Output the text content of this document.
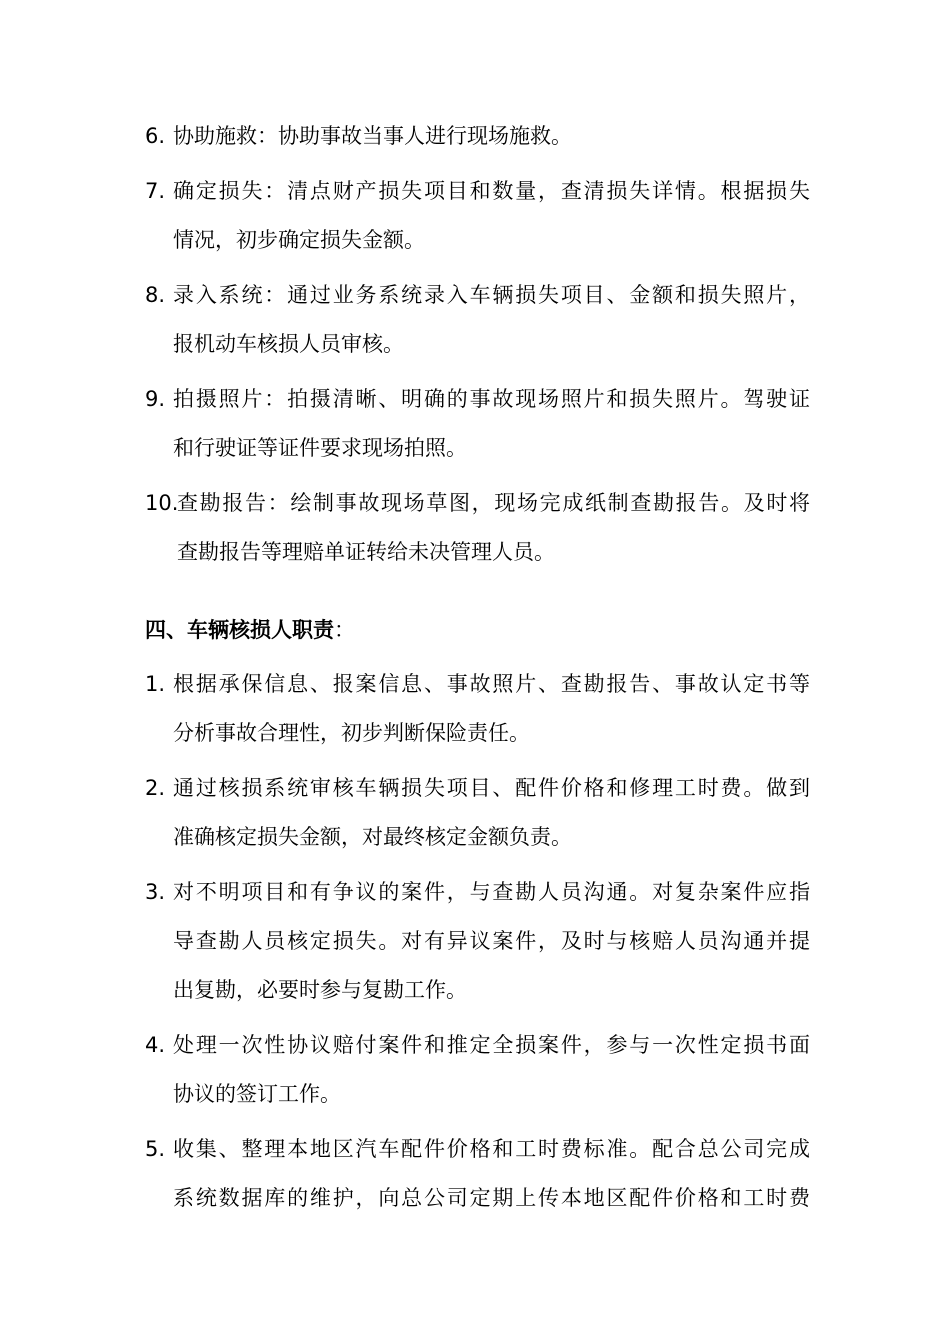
6. 协助施救：协助事故当事人进行现场施救。
7. 确定损失：清点财产损失项目和数量，查清损失详情。根据损失
情况，初步确定损失金额。
8. 录入系统：通过业务系统录入车辆损失项目、金额和损失照片，
报机动车核损人员审核。
9. 拍摄照片：拍摄清晰、明确的事故现场照片和损失照片。驾驶证
和行驶证等证件要求现场拍照。
10.
查勘报告：绘制事故现场草图，现场完成纸制查勘报告。及时将
查勘报告等理赔单证转给未决管理人员。
四、车辆核损人职责：
1. 根据承保信息、报案信息、事故照片、查勘报告、事故认定书等
分析事故合理性，初步判断保险责任。
2. 通过核损系统审核车辆损失项目、配件价格和修理工时费。做到
准确核定损失金额，对最终核定金额负责。
3. 对不明项目和有争议的案件，与查勘人员沟通。对复杂案件应指
导查勘人员核定损失。对有异议案件，及时与核赔人员沟通并提
出复勘，必要时参与复勘工作。
4. 处理一次性协议赔付案件和推定全损案件，参与一次性定损书面
协议的签订工作。
5. 收集、整理本地区汽车配件价格和工时费标准。配合总公司完成
系统数据库的维护，向总公司定期上传本地区配件价格和工时费
